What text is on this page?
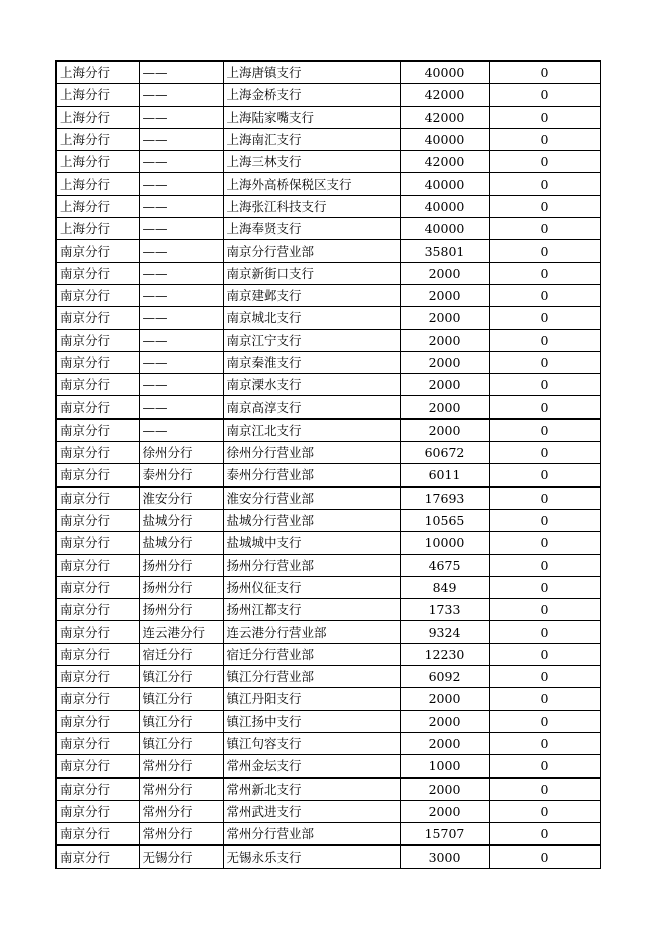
上海分行	——	上海唐镇支行	40000	0
上海分行	——	上海金桥支行	42000	0
上海分行	——	上海陆家嘴支行	42000	0
上海分行	——	上海南汇支行	40000	0
上海分行	——	上海三林支行	42000	0
上海分行	——	上海外高桥保税区支行	40000	0
上海分行	——	上海张江科技支行	40000	0
上海分行	——	上海奉贤支行	40000	0
南京分行	——	南京分行营业部	35801	0
南京分行	——	南京新街口支行	2000	0
南京分行	——	南京建邺支行	2000	0
南京分行	——	南京城北支行	2000	0
南京分行	——	南京江宁支行	2000	0
南京分行	——	南京秦淮支行	2000	0
南京分行	——	南京溧水支行	2000	0
南京分行	——	南京高淳支行	2000	0
南京分行	——	南京江北支行	2000	0
南京分行	徐州分行	徐州分行营业部	60672	0
南京分行	泰州分行	泰州分行营业部	6011	0
南京分行	淮安分行	淮安分行营业部	17693	0
南京分行	盐城分行	盐城分行营业部	10565	0
南京分行	盐城分行	盐城城中支行	10000	0
南京分行	扬州分行	扬州分行营业部	4675	0
南京分行	扬州分行	扬州仪征支行	849	0
南京分行	扬州分行	扬州江都支行	1733	0
南京分行	连云港分行	连云港分行营业部	9324	0
南京分行	宿迁分行	宿迁分行营业部	12230	0
南京分行	镇江分行	镇江分行营业部	6092	0
南京分行	镇江分行	镇江丹阳支行	2000	0
南京分行	镇江分行	镇江扬中支行	2000	0
南京分行	镇江分行	镇江句容支行	2000	0
南京分行	常州分行	常州金坛支行	1000	0
南京分行	常州分行	常州新北支行	2000	0
南京分行	常州分行	常州武进支行	2000	0
南京分行	常州分行	常州分行营业部	15707	0
南京分行	无锡分行	无锡永乐支行	3000	0
